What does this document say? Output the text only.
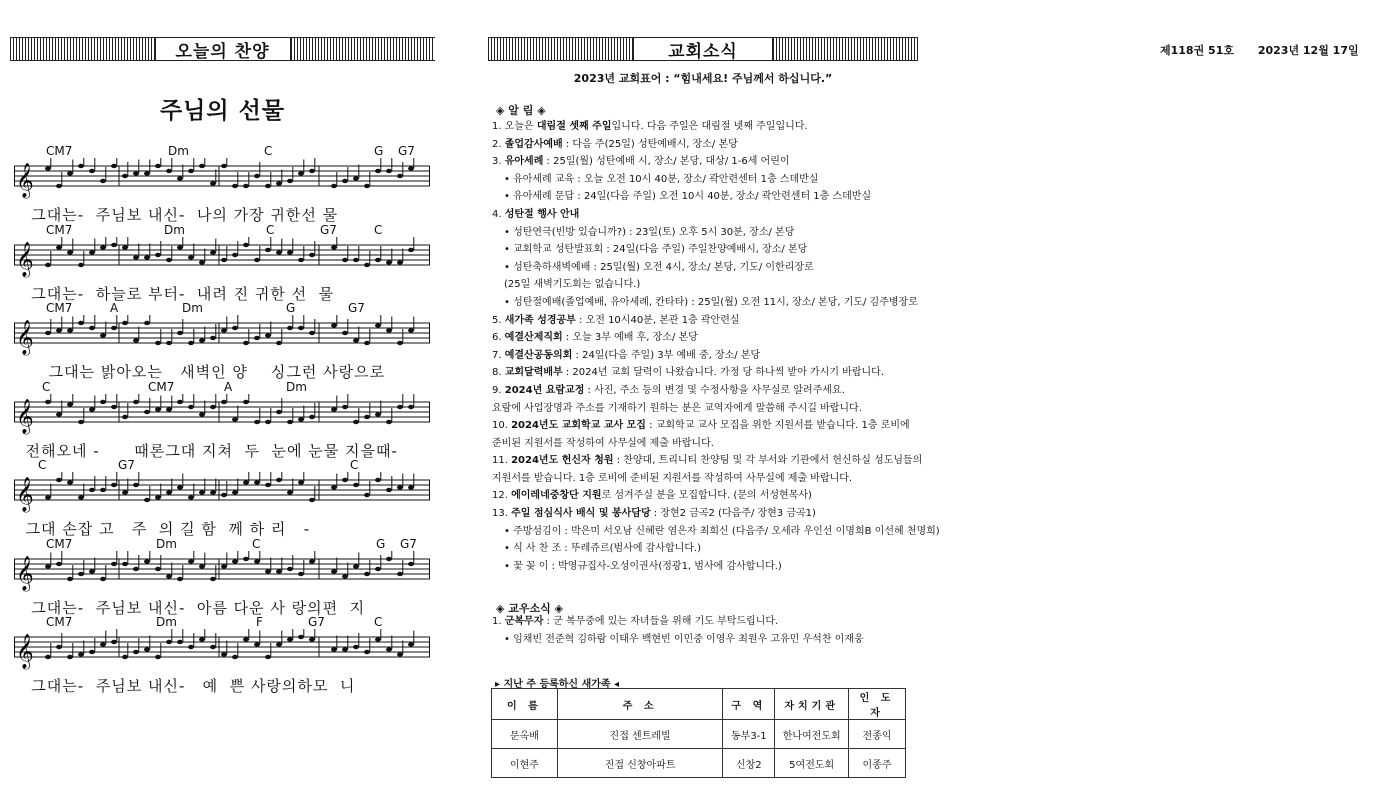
제118권 51호 2023년 12월 17일
오늘의 찬양
주님의 선물
CM7	Dm	C	G G7
𝄞
그대는-  주님보 내신-  나의 가장 귀한선 물
CM7	Dm	C	G7	C
𝄞
그대는-  하늘로 부터-  내려 진 귀한 선  물
CM7	A	Dm	G	G7
𝄞
그대는 밝아오는   새벽인 양    싱그런 사랑으로
C	CM7	A	Dm
𝄞
전해오네 -      때론그대 지쳐  두  눈에 눈물 지을때-
C	G7	C
𝄞
그대 손잡 고   주  의 길 함  께 하 리   -
CM7	Dm	C	G G7
𝄞
그대는-  주님보 내신-  아름 다운 사 랑의편  지
CM7	Dm	F	G7	C
𝄞
그대는-  주님보 내신-   예  쁜 사랑의하모  니
교회소식
2023년 교회표어 : “힘내세요! 주님께서 하십니다.”
◈ 알 림 ◈
1. 오늘은 대림절 셋째 주일입니다. 다음 주일은 대림절 넷째 주일입니다.
2. 졸업감사예배 : 다음 주(25일) 성탄예배시, 장소/ 본당
3. 유아세례 : 25일(월) 성탄예배 시, 장소/ 본당, 대상/ 1-6세 어린이
• 유아세례 교육 : 오늘 오전 10시 40분, 장소/ 곽안련센터 1층 스데반실
• 유아세례 문답 : 24일(다음 주일) 오전 10시 40분, 장소/ 곽안련센터 1층 스데반실
4. 성탄절 행사 안내
• 성탄연극(빈방 있습니까?) : 23일(토) 오후 5시 30분, 장소/ 본당
• 교회학교 성탄발표회 : 24일(다음 주일) 주일찬양예배시, 장소/ 본당
• 성탄축하새벽예배 : 25일(월) 오전 4시, 장소/ 본당, 기도/ 이한리장로
(25일 새벽기도회는 없습니다.)
• 성탄절예배(졸업예배, 유아세례, 칸타타) : 25일(월) 오전 11시, 장소/ 본당, 기도/ 김주병장로
5. 새가족 성경공부 : 오전 10시40분, 본관 1층 곽안련실
6. 예결산제직회 : 오늘 3부 예배 후, 장소/ 본당
7. 예결산공동의회 : 24일(다음 주일) 3부 예배 중, 장소/ 본당
8. 교회달력배부 : 2024년 교회 달력이 나왔습니다. 가정 당 하나씩 받아 가시기 바랍니다.
9. 2024년 요람교정 : 사진, 주소 등의 변경 및 수정사항을 사무실로 알려주세요.
요람에 사업장명과 주소를 기재하기 원하는 분은 교역자에게 말씀해 주시길 바랍니다.
10. 2024년도 교회학교 교사 모집 : 교회학교 교사 모집을 위한 지원서를 받습니다. 1층 로비에
준비된 지원서를 작성하여 사무실에 제출 바랍니다.
11. 2024년도 헌신자 청원 : 찬양대, 트리니티 찬양팀 및 각 부서와 기관에서 헌신하실 성도님들의
지원서를 받습니다. 1층 로비에 준비된 지원서를 작성하여 사무실에 제출 바랍니다.
12. 에이레네중창단 지원로 섬겨주실 분을 모집합니다. (문의 서성현목사)
13. 주일 점심식사 배식 및 봉사담당 : 장현2 금곡2 (다음주/ 장현3 금곡1)
• 주방섬김이 : 박은미 서오남 신혜란 염은자 최희신 (다음주/ 오세라 우인선 이명희B 이선혜 천명희)
• 식 사 찬 조 : 뚜레쥬르(범사에 감사합니다.)
• 꽃 꽂 이 : 박영규집사-오성이권사(정광1, 범사에 감사합니다.)
◈ 교우소식 ◈
1. 군복무자 : 군 복무중에 있는 자녀들을 위해 기도 부탁드립니다.
• 임채빈 전준혁 김하람 이태우 백현빈 이민중 이영우 최원우 고유민 우석찬 이재웅
▸ 지난 주 등록하신 새가족 ◂
이 름	주 소	구 역	자치기관	인 도 자
문옥배	진접 센트레빌	동부3-1	한나여전도회	전종익
이현주	진접 신창아파트	신창2	5여전도회	이종주
